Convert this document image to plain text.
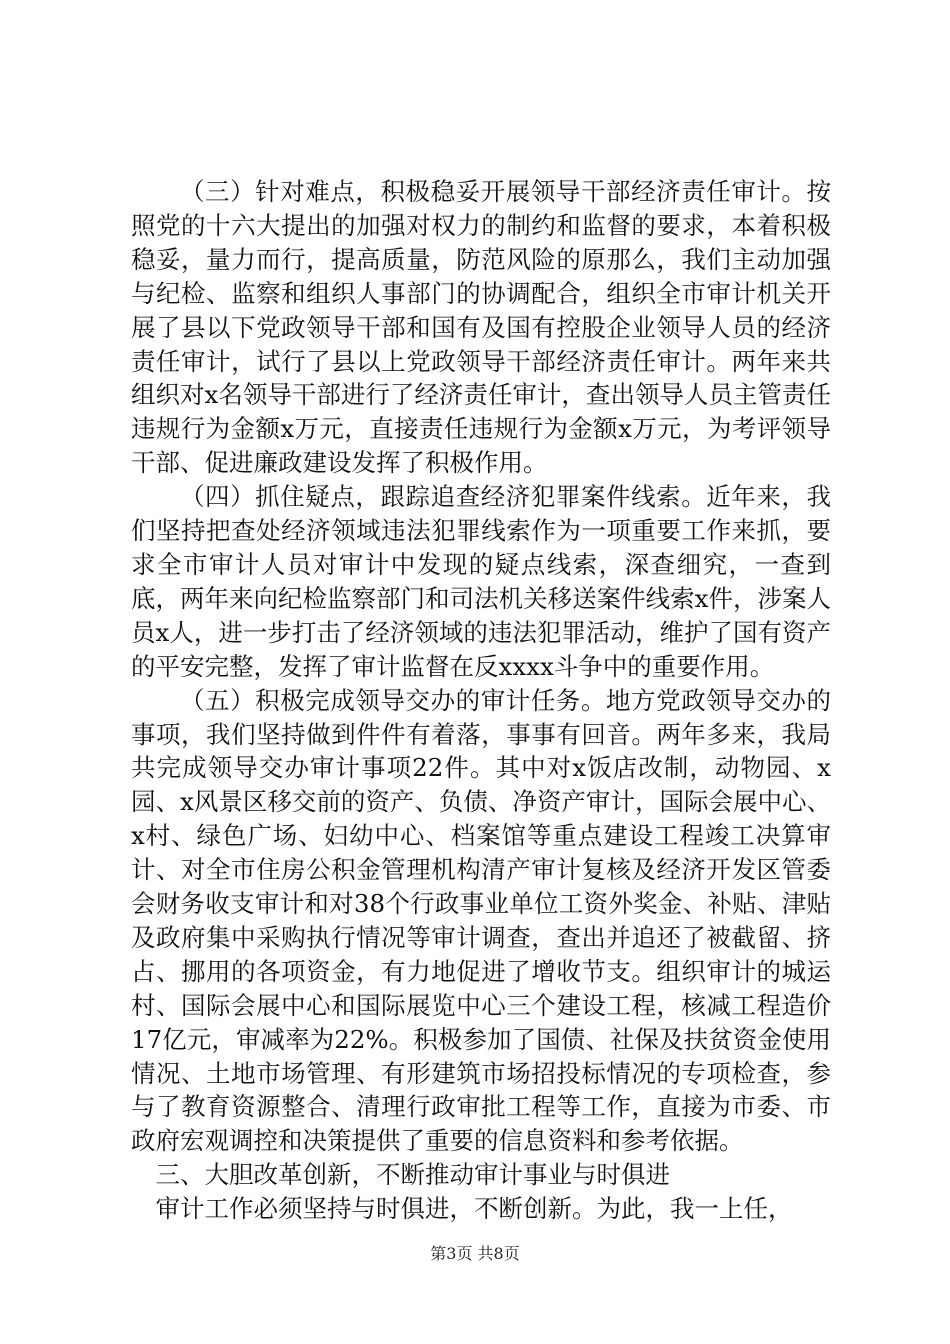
（三）针对难点，积极稳妥开展领导干部经济责任审计。按照党的十六大提出的加强对权力的制约和监督的要求，本着积极稳妥，量力而行，提高质量，防范风险的原那么，我们主动加强与纪检、监察和组织人事部门的协调配合，组织全市审计机关开展了县以下党政领导干部和国有及国有控股企业领导人员的经济责任审计，试行了县以上党政领导干部经济责任审计。两年来共组织对x名领导干部进行了经济责任审计，查出领导人员主管责任违规行为金额x万元，直接责任违规行为金额x万元，为考评领导干部、促进廉政建设发挥了积极作用。

（四）抓住疑点，跟踪追查经济犯罪案件线索。近年来，我们坚持把查处经济领域违法犯罪线索作为一项重要工作来抓，要求全市审计人员对审计中发现的疑点线索，深查细究，一查到底，两年来向纪检监察部门和司法机关移送案件线索x件，涉案人员x人，进一步打击了经济领域的违法犯罪活动，维护了国有资产的平安完整，发挥了审计监督在反xxxx斗争中的重要作用。

（五）积极完成领导交办的审计任务。地方党政领导交办的事项，我们坚持做到件件有着落，事事有回音。两年多来，我局共完成领导交办审计事项22件。其中对x饭店改制，动物园、x园、x风景区移交前的资产、负债、净资产审计，国际会展中心、x村、绿色广场、妇幼中心、档案馆等重点建设工程竣工决算审计、对全市住房公积金管理机构清产审计复核及经济开发区管委会财务收支审计和对38个行政事业单位工资外奖金、补贴、津贴及政府集中采购执行情况等审计调查，查出并追还了被截留、挤占、挪用的各项资金，有力地促进了增收节支。组织审计的城运村、国际会展中心和国际展览中心三个建设工程，核减工程造价17亿元，审减率为22%。积极参加了国债、社保及扶贫资金使用情况、土地市场管理、有形建筑市场招投标情况的专项检查，参与了教育资源整合、清理行政审批工程等工作，直接为市委、市政府宏观调控和决策提供了重要的信息资料和参考依据。

三、大胆改革创新，不断推动审计事业与时俱进

审计工作必须坚持与时俱进，不断创新。为此，我一上任，

第3页 共8页
